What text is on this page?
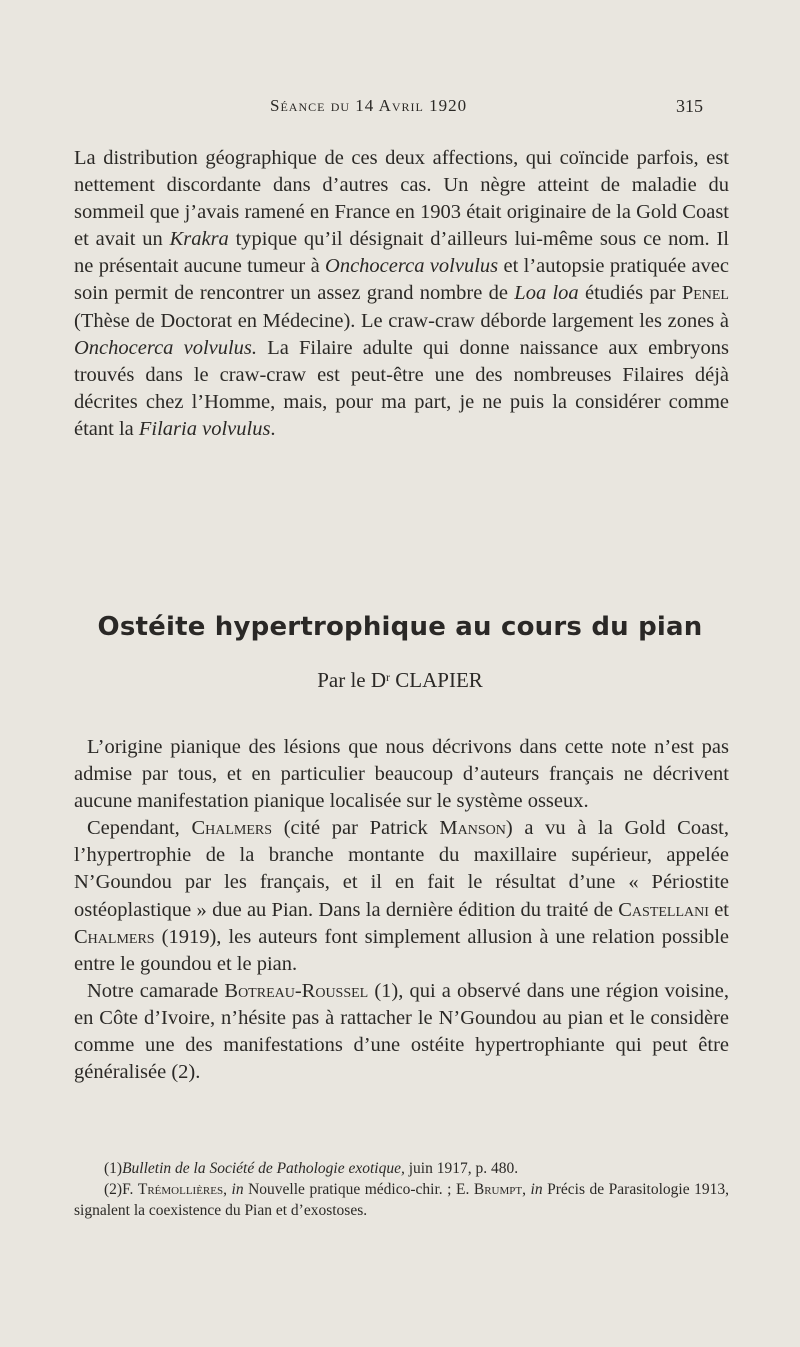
Séance du 14 Avril 1920	315

La distribution géographique de ces deux affections, qui coïncide parfois, est nettement discordante dans d’autres cas. Un nègre atteint de maladie du sommeil que j’avais ramené en France en 1903 était originaire de la Gold Coast et avait un Krakra typique qu’il désignait d’ailleurs lui-même sous ce nom. Il ne présentait aucune tumeur à Onchocerca volvulus et l’autopsie pratiquée avec soin permit de rencontrer un assez grand nombre de Loa loa étudiés par Penel (Thèse de Doctorat en Médecine). Le craw-craw déborde largement les zones à Onchocerca volvulus. La Filaire adulte qui donne naissance aux embryons trouvés dans le craw-craw est peut-être une des nombreuses Filaires déjà décrites chez l’Homme, mais, pour ma part, je ne puis la considérer comme étant la Filaria volvulus.

Ostéite hypertrophique au cours du pian
Par le $D^r$ CLAPIER

L’origine pianique des lésions que nous décrivons dans cette note n’est pas admise par tous, et en particulier beaucoup d’auteurs français ne décrivent aucune manifestation pianique localisée sur le système osseux.

Cependant, Chalmers (cité par Patrick Manson) a vu à la Gold Coast, l’hypertrophie de la branche montante du maxillaire supérieur, appelée N’Goundou par les français, et il en fait le résultat d’une « Périostite ostéoplastique » due au Pian. Dans la dernière édition du traité de Castellani et Chalmers (1919), les auteurs font simplement allusion à une relation possible entre le goundou et le pian.

Notre camarade Botreau-Roussel (1), qui a observé dans une région voisine, en Côte d’Ivoire, n’hésite pas à rattacher le N’Goundou au pian et le considère comme une des manifestations d’une ostéite hypertrophiante qui peut être généralisée (2).

(1)Bulletin de la Société de Pathologie exotique, juin 1917, p. 480.

(2)F. Trémollières, in Nouvelle pratique médico-chir. ; E. Brumpt, in Précis de Parasitologie 1913, signalent la coexistence du Pian et d’exostoses.
